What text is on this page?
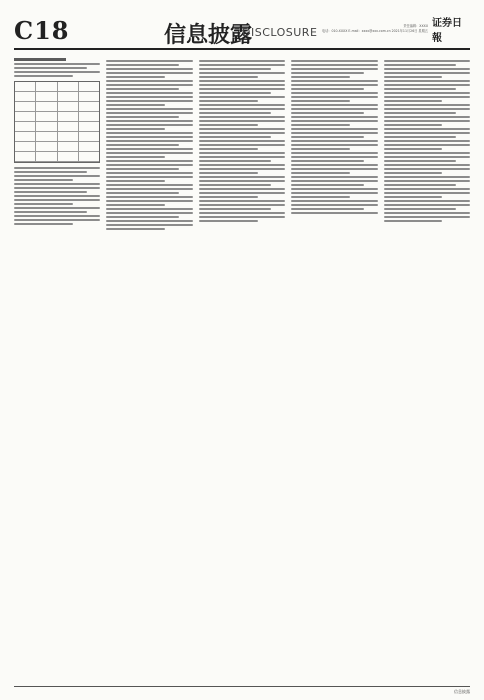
C18	信息披露
DISCLOSURE	责任编辑：XXXX
电话：010-XXXX E-mail：xxxx@xxx.com.cn 2021年11月26日 星期五
证券日報
信息披露
